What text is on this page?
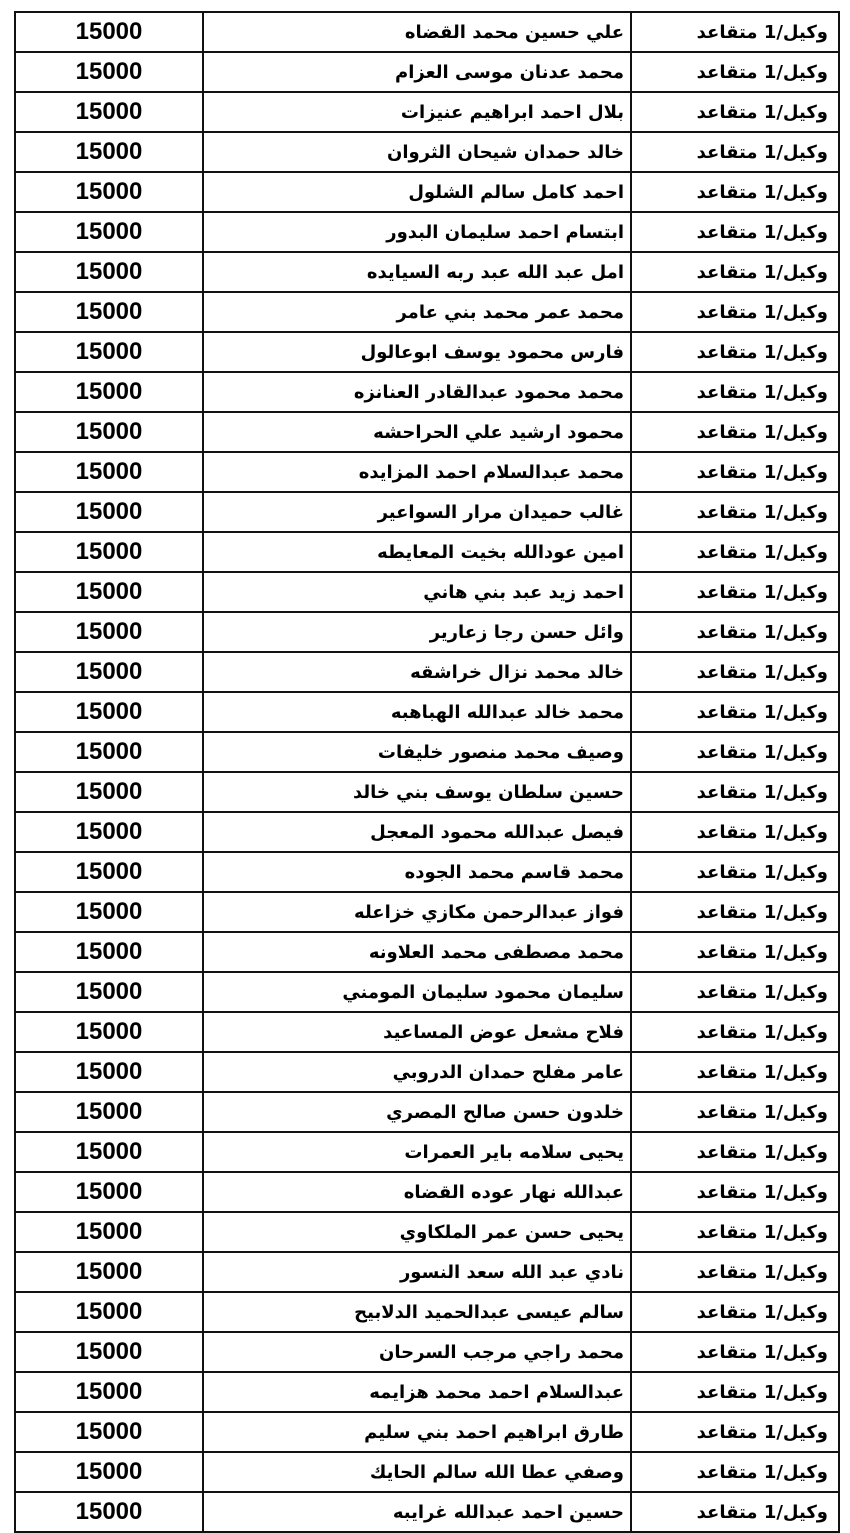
وكيل/1 متقاعد	علي حسين محمد القضاه	15000
وكيل/1 متقاعد	محمد عدنان موسى العزام	15000
وكيل/1 متقاعد	بلال احمد ابراهيم عنيزات	15000
وكيل/1 متقاعد	خالد حمدان شيحان الثروان	15000
وكيل/1 متقاعد	احمد كامل سالم الشلول	15000
وكيل/1 متقاعد	ابتسام احمد سليمان البدور	15000
وكيل/1 متقاعد	امل عبد الله عبد ربه السيايده	15000
وكيل/1 متقاعد	محمد عمر محمد بني عامر	15000
وكيل/1 متقاعد	فارس محمود يوسف ابوعالول	15000
وكيل/1 متقاعد	محمد محمود عبدالقادر العنانزه	15000
وكيل/1 متقاعد	محمود ارشيد علي الحراحشه	15000
وكيل/1 متقاعد	محمد عبدالسلام احمد المزايده	15000
وكيل/1 متقاعد	غالب حميدان مرار السواعير	15000
وكيل/1 متقاعد	امين عودالله بخيت المعايطه	15000
وكيل/1 متقاعد	احمد زيد عبد بني هاني	15000
وكيل/1 متقاعد	وائل حسن رجا زعارير	15000
وكيل/1 متقاعد	خالد محمد نزال خراشقه	15000
وكيل/1 متقاعد	محمد خالد عبدالله الهباهبه	15000
وكيل/1 متقاعد	وصيف محمد منصور خليفات	15000
وكيل/1 متقاعد	حسين سلطان يوسف بني خالد	15000
وكيل/1 متقاعد	فيصل عبدالله محمود المعجل	15000
وكيل/1 متقاعد	محمد قاسم محمد الجوده	15000
وكيل/1 متقاعد	فواز عبدالرحمن مكازي خزاعله	15000
وكيل/1 متقاعد	محمد مصطفى محمد العلاونه	15000
وكيل/1 متقاعد	سليمان محمود سليمان المومني	15000
وكيل/1 متقاعد	فلاح مشعل عوض المساعيد	15000
وكيل/1 متقاعد	عامر مفلح حمدان الدروبي	15000
وكيل/1 متقاعد	خلدون حسن صالح المصري	15000
وكيل/1 متقاعد	يحيى سلامه باير العمرات	15000
وكيل/1 متقاعد	عبدالله نهار عوده القضاه	15000
وكيل/1 متقاعد	يحيى حسن عمر الملكاوي	15000
وكيل/1 متقاعد	نادي عبد الله سعد النسور	15000
وكيل/1 متقاعد	سالم عيسى عبدالحميد الدلابيح	15000
وكيل/1 متقاعد	محمد راجي مرجب السرحان	15000
وكيل/1 متقاعد	عبدالسلام احمد محمد هزايمه	15000
وكيل/1 متقاعد	طارق ابراهيم احمد بني سليم	15000
وكيل/1 متقاعد	وصفي عطا الله سالم الحايك	15000
وكيل/1 متقاعد	حسين احمد عبدالله غرايبه	15000
